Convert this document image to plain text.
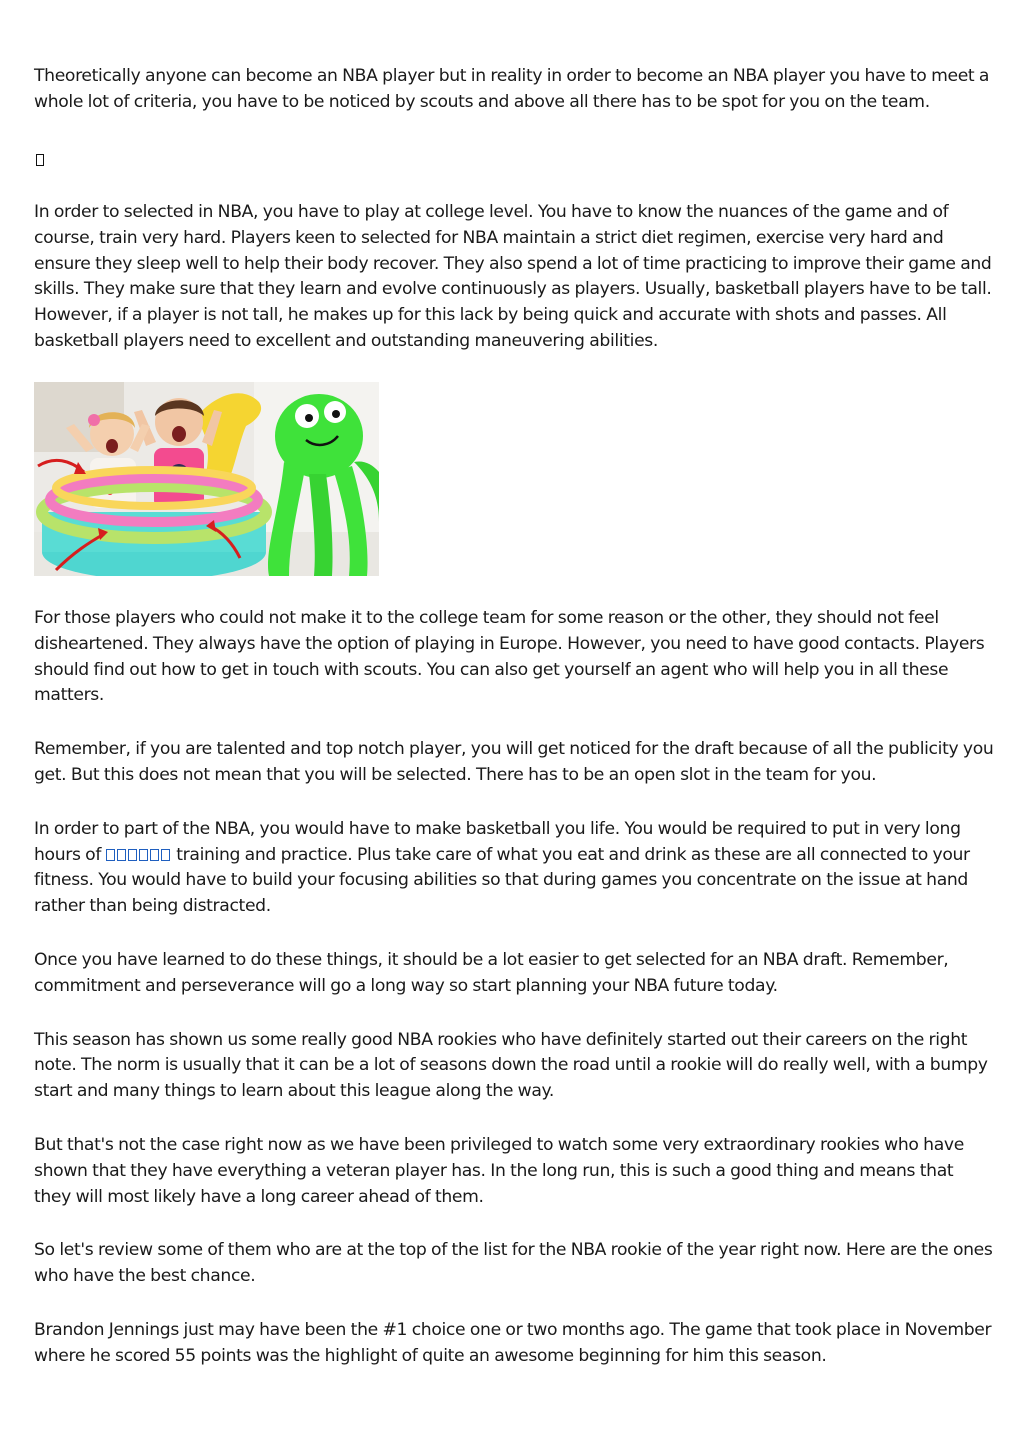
Theoretically anyone can become an NBA player but in reality in order to become an NBA player you have to meet a whole lot of criteria, you have to be noticed by scouts and above all there has to be spot for you on the team.

In order to selected in NBA, you have to play at college level. You have to know the nuances of the game and of course, train very hard. Players keen to selected for NBA maintain a strict diet regimen, exercise very hard and ensure they sleep well to help their body recover. They also spend a lot of time practicing to improve their game and skills. They make sure that they learn and evolve continuously as players. Usually, basketball players have to be tall. However, if a player is not tall, he makes up for this lack by being quick and accurate with shots and passes. All basketball players need to excellent and outstanding maneuvering abilities.

ROBLOX

For those players who could not make it to the college team for some reason or the other, they should not feel disheartened. They always have the option of playing in Europe. However, you need to have good contacts. Players should find out how to get in touch with scouts. You can also get yourself an agent who will help you in all these matters.

Remember, if you are talented and top notch player, you will get noticed for the draft because of all the publicity you get. But this does not mean that you will be selected. There has to be an open slot in the team for you.

In order to part of the NBA, you would have to make basketball you life. You would be required to put in very long hours of	training and practice. Plus take care of what you eat and drink as these are all connected to your fitness. You would have to build your focusing abilities so that during games you concentrate on the issue at hand rather than being distracted.

Once you have learned to do these things, it should be a lot easier to get selected for an NBA draft. Remember, commitment and perseverance will go a long way so start planning your NBA future today.

This season has shown us some really good NBA rookies who have definitely started out their careers on the right note. The norm is usually that it can be a lot of seasons down the road until a rookie will do really well, with a bumpy start and many things to learn about this league along the way.

But that's not the case right now as we have been privileged to watch some very extraordinary rookies who have shown that they have everything a veteran player has. In the long run, this is such a good thing and means that they will most likely have a long career ahead of them.

So let's review some of them who are at the top of the list for the NBA rookie of the year right now. Here are the ones who have the best chance.

Brandon Jennings just may have been the #1 choice one or two months ago. The game that took place in November where he scored 55 points was the highlight of quite an awesome beginning for him this season.
